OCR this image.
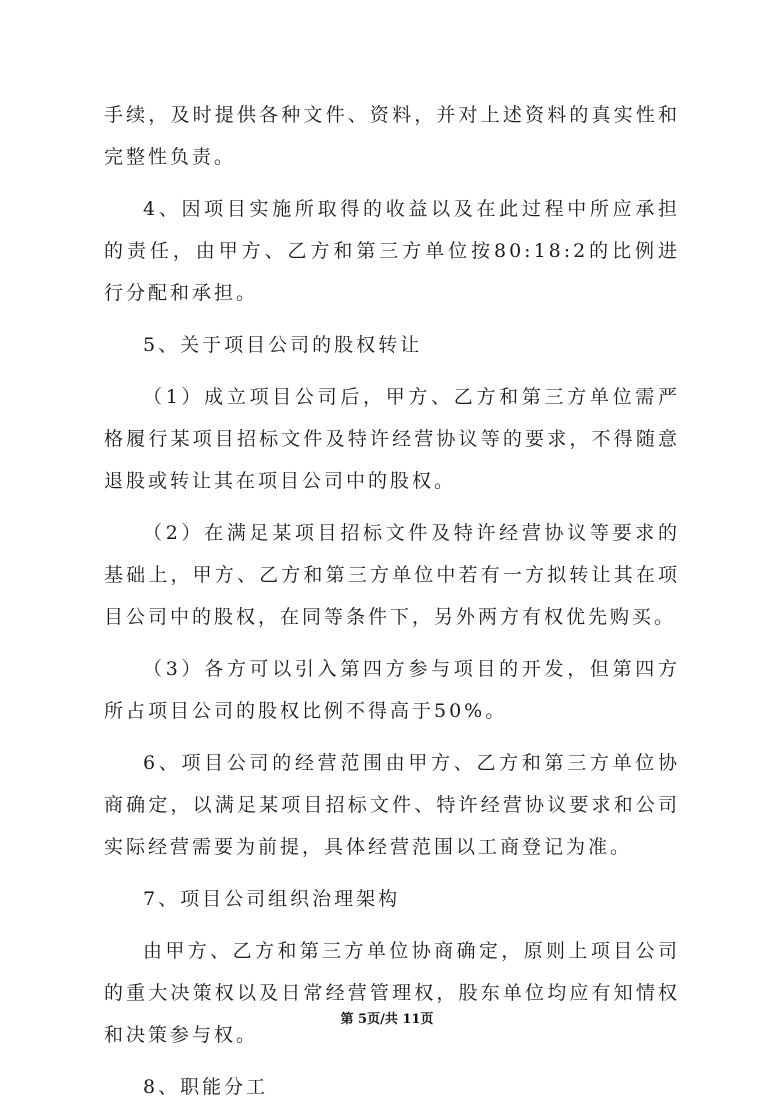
手续，及时提供各种文件、资料，并对上述资料的真实性和完整性负责。

4、因项目实施所取得的收益以及在此过程中所应承担的责任，由甲方、乙方和第三方单位按80:18:2的比例进行分配和承担。

5、关于项目公司的股权转让

（1）成立项目公司后，甲方、乙方和第三方单位需严格履行某项目招标文件及特许经营协议等的要求，不得随意退股或转让其在项目公司中的股权。

（2）在满足某项目招标文件及特许经营协议等要求的基础上，甲方、乙方和第三方单位中若有一方拟转让其在项目公司中的股权，在同等条件下，另外两方有权优先购买。

（3）各方可以引入第四方参与项目的开发，但第四方所占项目公司的股权比例不得高于50%。

6、项目公司的经营范围由甲方、乙方和第三方单位协商确定，以满足某项目招标文件、特许经营协议要求和公司实际经营需要为前提，具体经营范围以工商登记为准。

7、项目公司组织治理架构

由甲方、乙方和第三方单位协商确定，原则上项目公司的重大决策权以及日常经营管理权，股东单位均应有知情权和决策参与权。

8、职能分工

第 5页/共 11页
